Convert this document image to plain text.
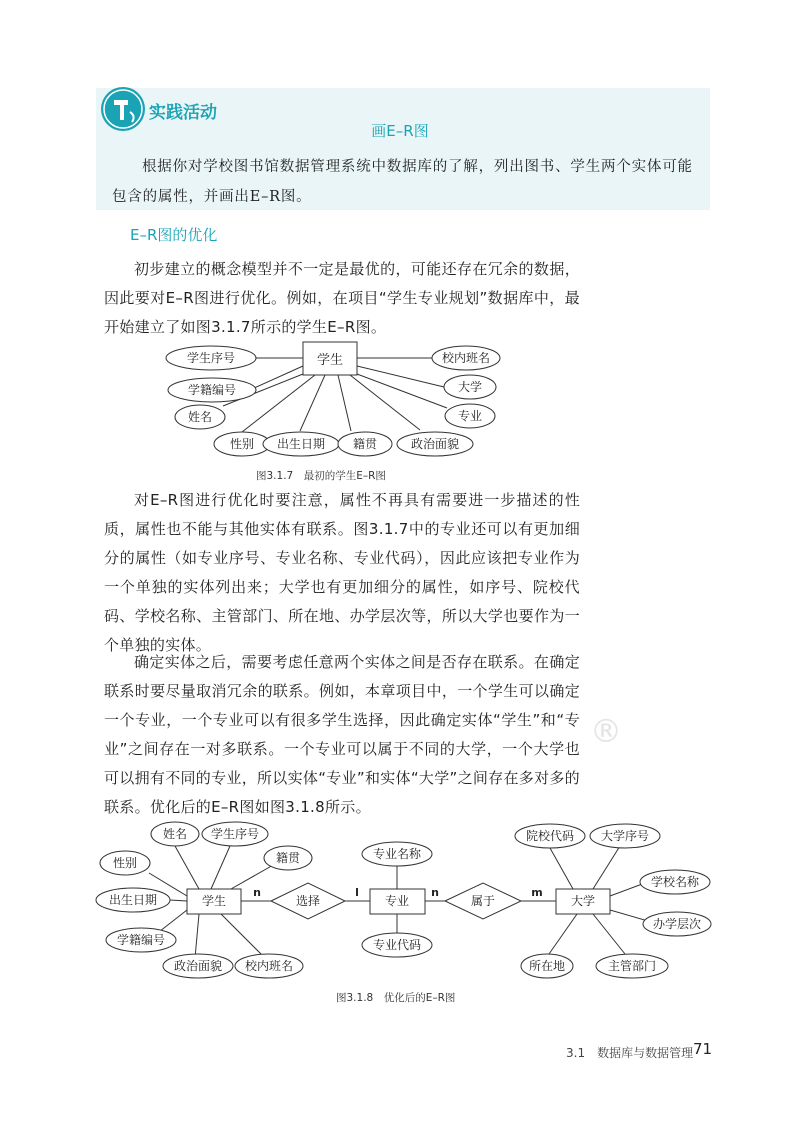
实践活动
画E–R图
根据你对学校图书馆数据管理系统中数据库的了解，列出图书、学生两个实体可能包含的属性，并画出E–R图。
E–R图的优化
初步建立的概念模型并不一定是最优的，可能还存在冗余的数据，因此要对E–R图进行优化。例如，在项目“学生专业规划”数据库中，最开始建立了如图3.1.7所示的学生E–R图。
学生
学生序号
学籍编号
姓名
性别 出生日期 籍贯	政治面貌
专业
大学
校内班名
图3.1.7　最初的学生E–R图
对E–R图进行优化时要注意，属性不再具有需要进一步描述的性质，属性也不能与其他实体有联系。图3.1.7中的专业还可以有更加细分的属性（如专业序号、专业名称、专业代码），因此应该把专业作为一个单独的实体列出来；大学也有更加细分的属性，如序号、院校代码、学校名称、主管部门、所在地、办学层次等，所以大学也要作为一个单独的实体。
确定实体之后，需要考虑任意两个实体之间是否存在联系。在确定联系时要尽量取消冗余的联系。例如，本章项目中，一个学生可以确定一个专业，一个专业可以有很多学生选择，因此确定实体“学生”和“专业”之间存在一对多联系。一个专业可以属于不同的大学，一个大学也可以拥有不同的专业，所以实体“专业”和实体“大学”之间存在多对多的联系。优化后的E–R图如图3.1.8所示。
®
学生	专业	大学
选择	属于
姓名 学生序号
籍贯
性别
出生日期
学籍编号
政治面貌 校内班名
专业名称
专业代码
院校代码 大学序号
学校名称
办学层次
主管部门
所在地
n	l	n	m
图3.1.8　优化后的E–R图
3.1　数据库与数据管理 71
